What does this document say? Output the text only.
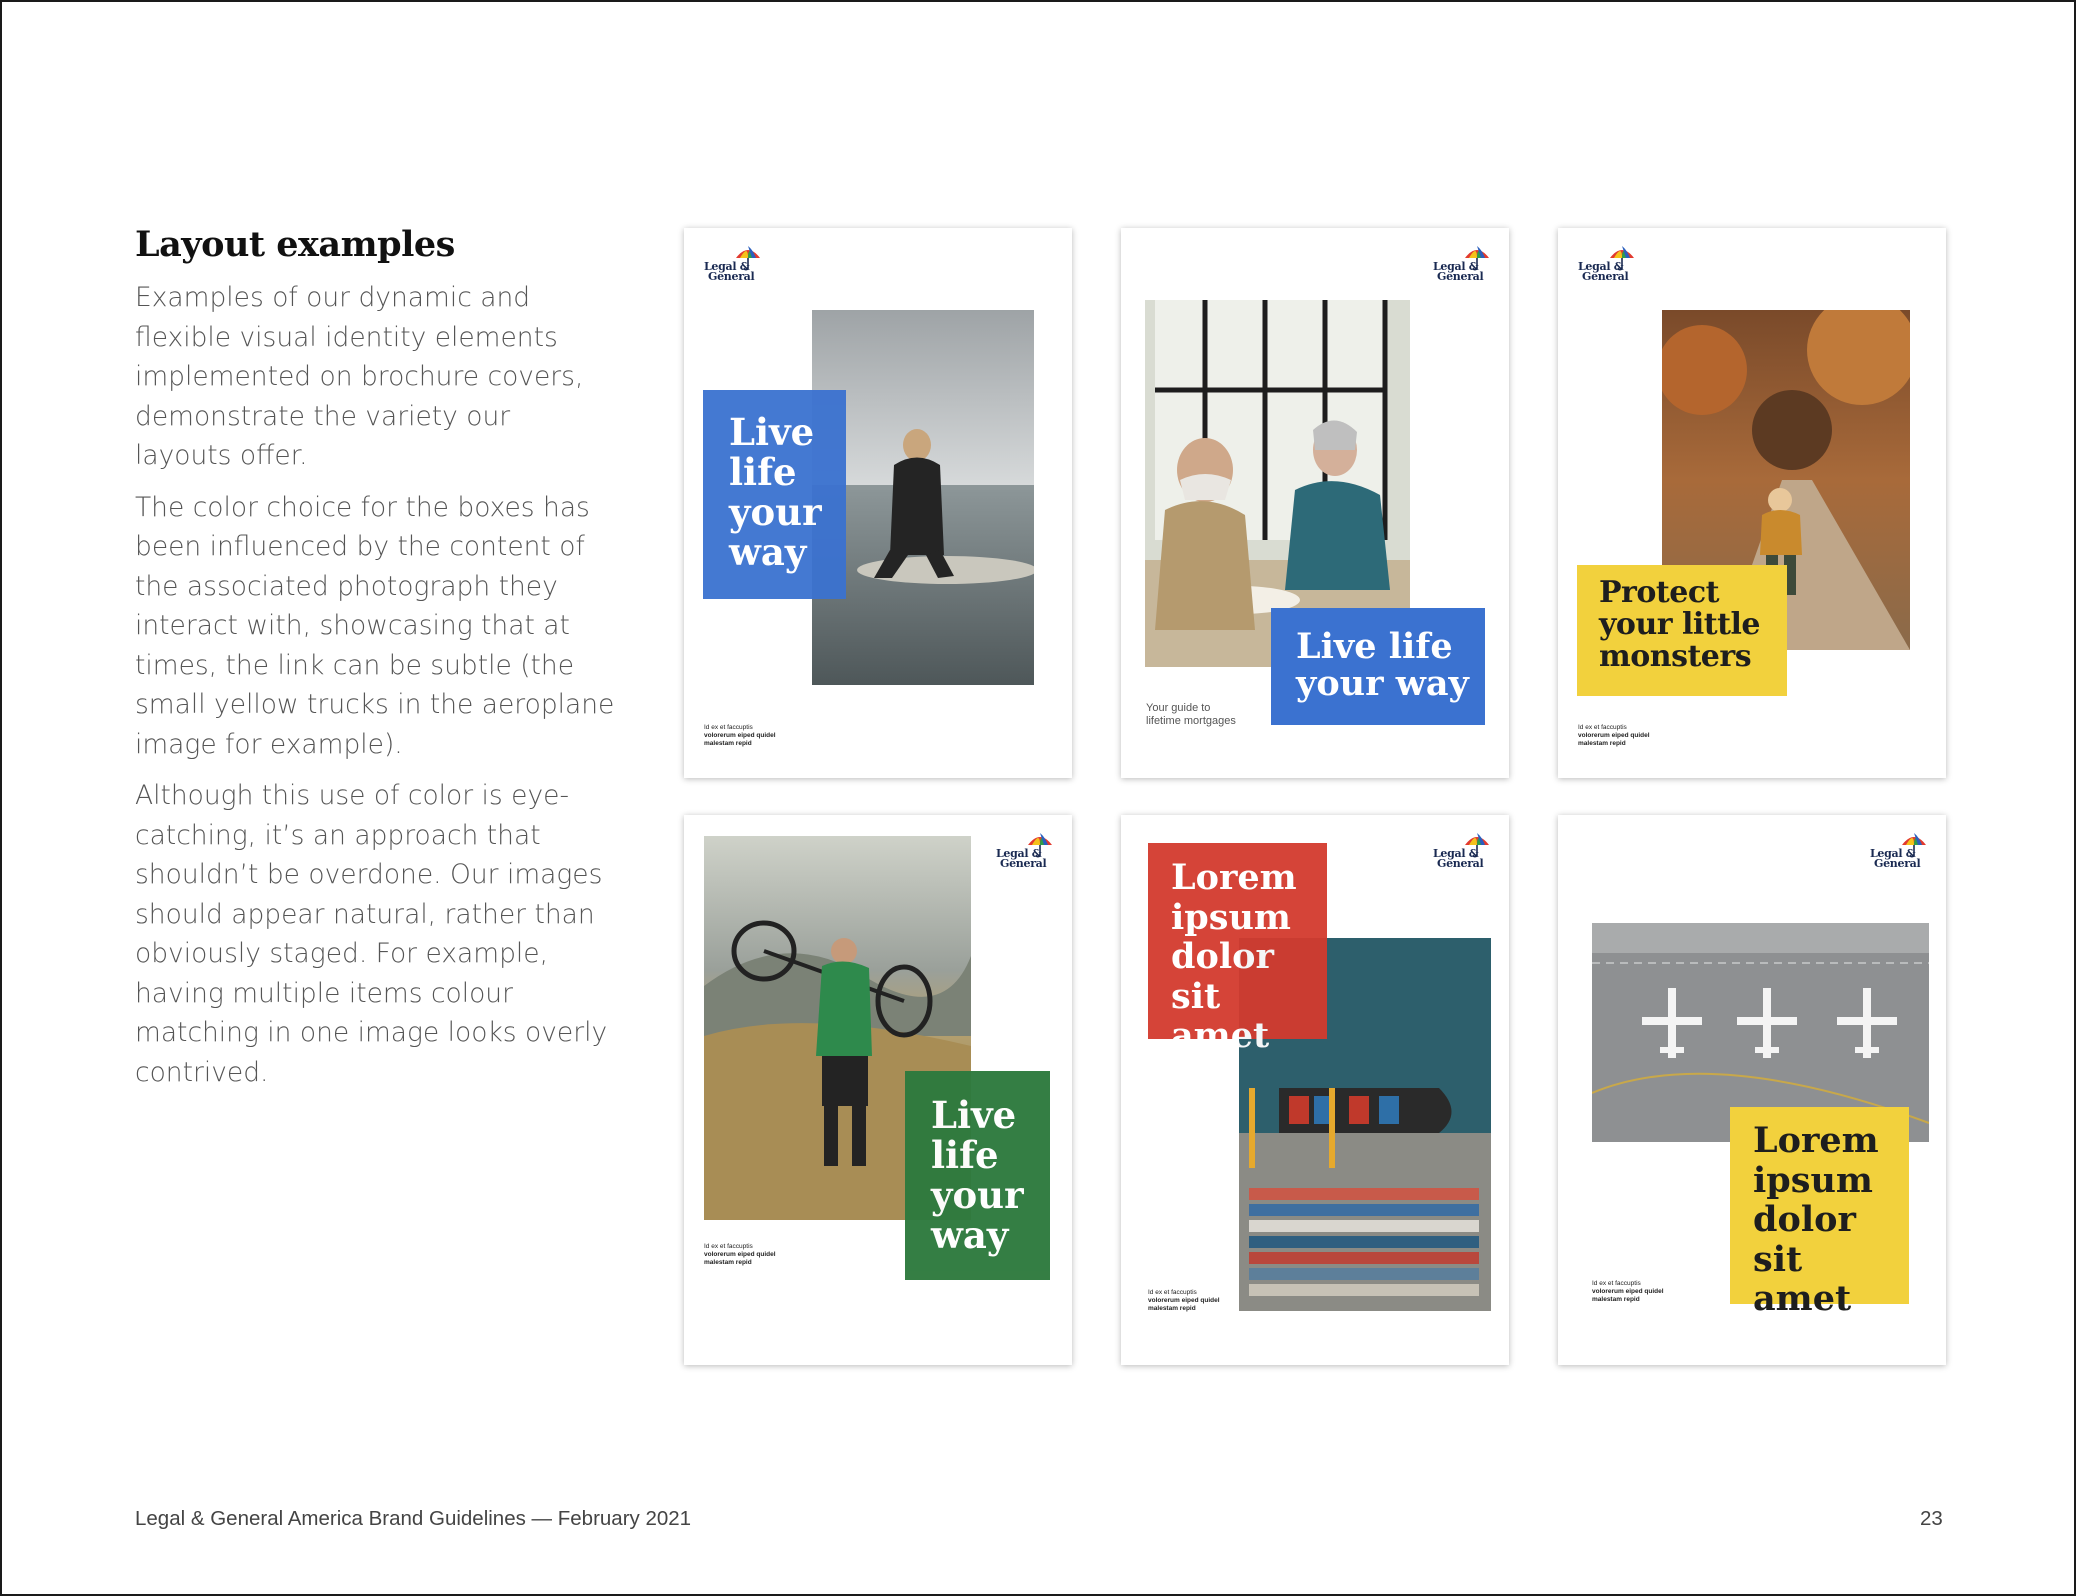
Layout examples

Examples of our dynamic and flexible visual identity elements implemented on brochure covers, demonstrate the variety our layouts offer.

The color choice for the boxes has been influenced by the content of the associated photograph they interact with, showcasing that at times, the link can be subtle (the small yellow trucks in the aeroplane image for example).

Although this use of color is eye-catching, it’s an approach that shouldn’t be overdone. Our images should appear natural, rather than obviously staged. For example, having multiple items colour matching in one image looks overly contrived.

Legal &
General
Live
life
your
way
Id ex et faccuptis
volorerum eiped quidel
malestam repid
Legal &
General
Live life
your way
Your guide to
lifetime mortgages
Legal &
General
Protect
your little
monsters
Id ex et faccuptis
volorerum eiped quidel
malestam repid
Legal &
General
Live
life
your
way
Id ex et faccuptis
volorerum eiped quidel
malestam repid
Legal &
General
Lorem
ipsum
dolor
sit amet
Id ex et faccuptis
volorerum eiped quidel
malestam repid
Legal &
General
Lorem
ipsum
dolor
sit amet
Id ex et faccuptis
volorerum eiped quidel
malestam repid
Legal & General America Brand Guidelines — February 2021	23
